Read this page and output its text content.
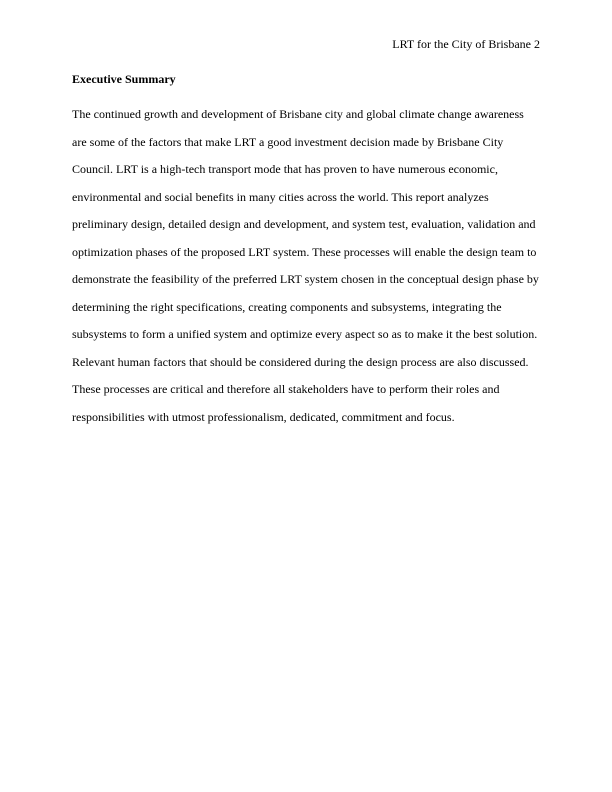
LRT for the City of Brisbane 2
Executive Summary
The continued growth and development of Brisbane city and global climate change awareness
are some of the factors that make LRT a good investment decision made by Brisbane City
Council. LRT is a high-tech transport mode that has proven to have numerous economic,
environmental and social benefits in many cities across the world. This report analyzes
preliminary design, detailed design and development, and system test, evaluation, validation and
optimization phases of the proposed LRT system. These processes will enable the design team to
demonstrate the feasibility of the preferred LRT system chosen in the conceptual design phase by
determining the right specifications, creating components and subsystems, integrating the
subsystems to form a unified system and optimize every aspect so as to make it the best solution.
Relevant human factors that should be considered during the design process are also discussed.
These processes are critical and therefore all stakeholders have to perform their roles and
responsibilities with utmost professionalism, dedicated, commitment and focus.
